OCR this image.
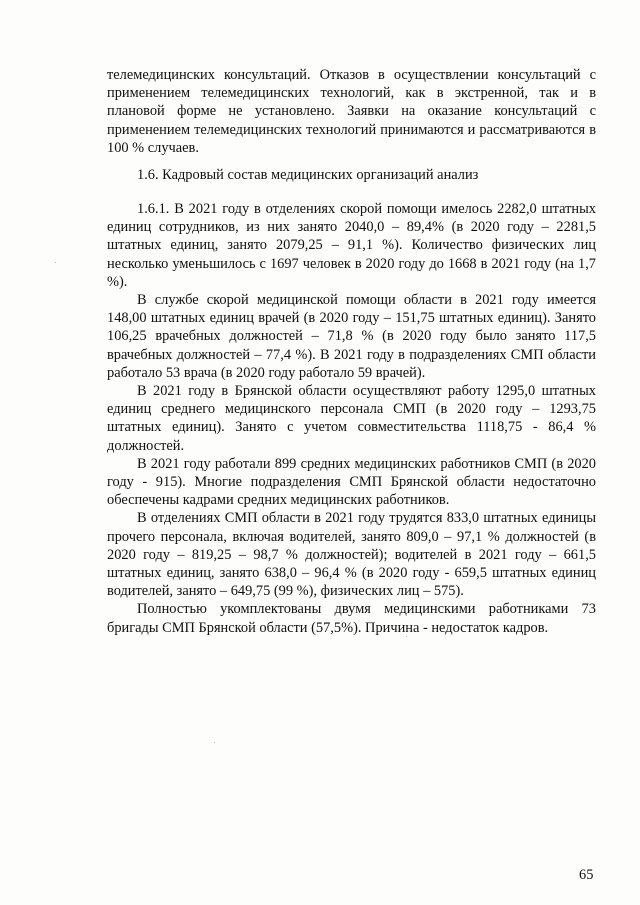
телемедицинских консультаций. Отказов в осуществлении консультаций с применением телемедицинских технологий, как в экстренной, так и в плановой форме не установлено. Заявки на оказание консультаций с применением телемедицинских технологий принимаются и рассматриваются в 100 % случаев.

1.6. Кадровый состав медицинских организаций анализ

1.6.1. В 2021 году в отделениях скорой помощи имелось 2282,0 штатных единиц сотрудников, из них занято 2040,0 – 89,4% (в 2020 году – 2281,5 штатных единиц, занято 2079,25 – 91,1 %). Количество физических лиц несколько уменьшилось с 1697 человек в 2020 году до 1668 в 2021 году (на 1,7 %).

В службе скорой медицинской помощи области в 2021 году имеется 148,00 штатных единиц врачей (в 2020 году – 151,75 штатных единиц). Занято 106,25 врачебных должностей – 71,8 % (в 2020 году было занято 117,5 врачебных должностей – 77,4 %). В 2021 году в подразделениях СМП области работало 53 врача (в 2020 году работало 59 врачей).

В 2021 году в Брянской области осуществляют работу 1295,0 штатных единиц среднего медицинского персонала СМП (в 2020 году – 1293,75 штатных единиц). Занято с учетом совместительства 1118,75 - 86,4 % должностей.

В 2021 году работали 899 средних медицинских работников СМП (в 2020 году - 915). Многие подразделения СМП Брянской области недостаточно обеспечены кадрами средних медицинских работников.

В отделениях СМП области в 2021 году трудятся 833,0 штатных единицы прочего персонала, включая водителей, занято 809,0 – 97,1 % должностей (в 2020 году – 819,25 – 98,7 % должностей); водителей в 2021 году – 661,5 штатных единиц, занято 638,0 – 96,4 % (в 2020 году - 659,5 штатных единиц водителей, занято – 649,75 (99 %), физических лиц – 575).

Полностью укомплектованы двумя медицинскими работниками 73 бригады СМП Брянской области (57,5%). Причина - недостаток кадров.

65
